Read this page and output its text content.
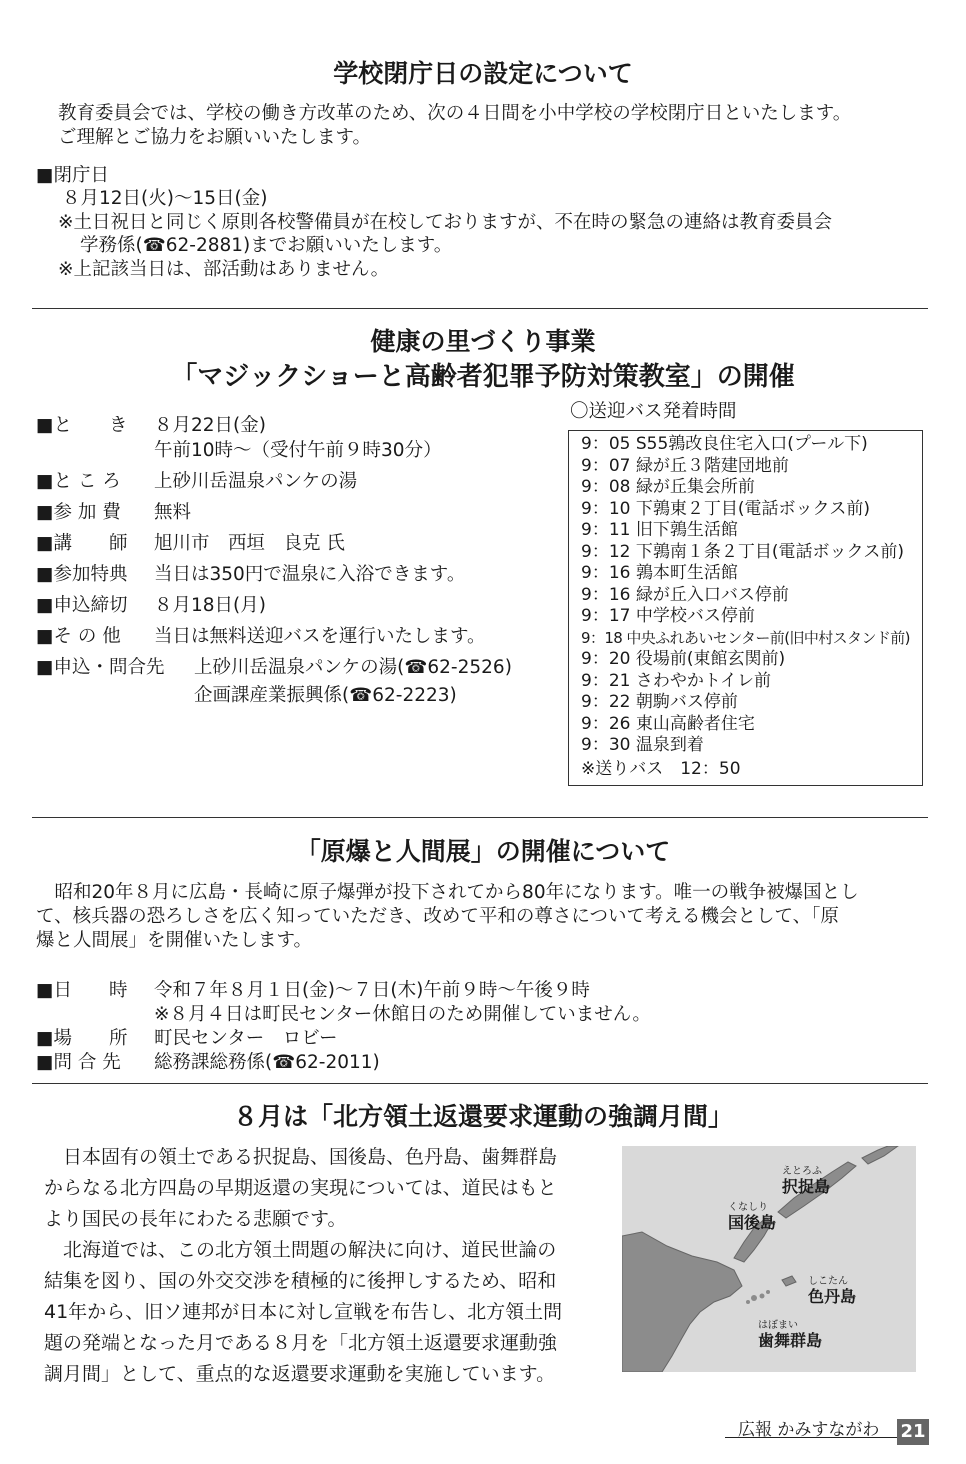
学校閉庁日の設定について
教育委員会では、学校の働き方改革のため、次の４日間を小中学校の学校閉庁日といたします。
ご理解とご協力をお願いいたします。
■閉庁日
８月12日(火)～15日(金)
※土日祝日と同じく原則各校警備員が在校しておりますが、不在時の緊急の連絡は教育委員会
学務係(☎62-2881)までお願いいたします。
※上記該当日は、部活動はありません。
健康の里づくり事業
「マジックショーと高齢者犯罪予防対策教室」の開催
■と　　き ８月22日(金)
午前10時～（受付午前９時30分）
■と こ ろ 上砂川岳温泉パンケの湯
■参 加 費 無料
■講　　師 旭川市　西垣　良克 氏
■参加特典 当日は350円で温泉に入浴できます。
■申込締切 ８月18日(月)
■そ の 他 当日は無料送迎バスを運行いたします。
■申込・問合先 上砂川岳温泉パンケの湯(☎62-2526)
企画課産業振興係(☎62-2223)
〇送迎バス発着時間
9：05 S55鶉改良住宅入口(プール下)
9：07 緑が丘３階建団地前
9：08 緑が丘集会所前
9：10 下鶉東２丁目(電話ボックス前)
9：11 旧下鶉生活館
9：12 下鶉南１条２丁目(電話ボックス前)
9：16 鶉本町生活館
9：16 緑が丘入口バス停前
9：17 中学校バス停前
9：18 中央ふれあいセンター前(旧中村スタンド前)
9：20 役場前(東館玄関前)
9：21 さわやかトイレ前
9：22 朝駒バス停前
9：26 東山高齢者住宅
9：30 温泉到着
※送りバス　12：50
「原爆と人間展」の開催について
　昭和20年８月に広島・長崎に原子爆弾が投下されてから80年になります。唯一の戦争被爆国とし
て、核兵器の恐ろしさを広く知っていただき、改めて平和の尊さについて考える機会として、「原
爆と人間展」を開催いたします。
■日　　時 令和７年８月１日(金)～７日(木)午前９時～午後９時
※８月４日は町民センター休館日のため開催していません。
■場　　所 町民センター　ロビー
■問 合 先 総務課総務係(☎62-2011)
８月は「北方領土返還要求運動の強調月間」
　日本固有の領土である択捉島、国後島、色丹島、歯舞群島
からなる北方四島の早期返還の実現については、道民はもと
より国民の長年にわたる悲願です。
　北海道では、この北方領土問題の解決に向け、道民世論の
結集を図り、国の外交交渉を積極的に後押しするため、昭和
41年から、旧ソ連邦が日本に対し宣戦を布告し、北方領土問
題の発端となった月である８月を「北方領土返還要求運動強
調月間」として、重点的な返還要求運動を実施しています。
えとろふ
択捉島
くなしり
国後島
しこたん
色丹島
はぼまい
歯舞群島
広報 かみすながわ 21
